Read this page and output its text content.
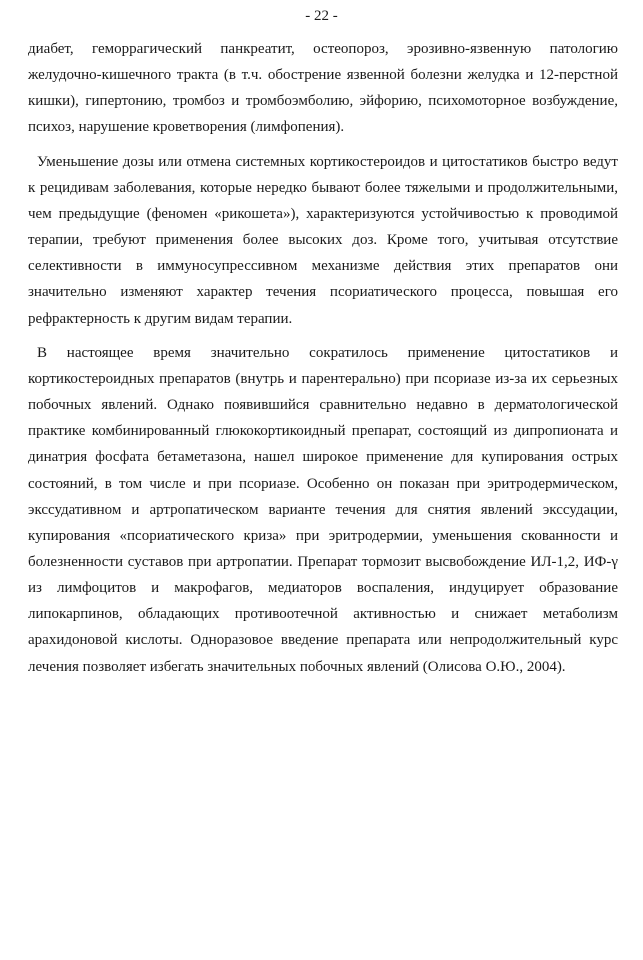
- 22 -

диабет, геморрагический панкреатит, остеопороз, эрозивно-язвенную патологию желудочно-кишечного тракта (в т.ч. обострение язвенной болезни желудка и 12-перстной кишки), гипертонию, тромбоз и тромбоэмболию, эйфорию, психомоторное возбуждение, психоз, нарушение кроветворения (лимфопения).

Уменьшение дозы или отмена системных кортикостероидов и цитостатиков быстро ведут к рецидивам заболевания, которые нередко бывают более тяжелыми и продолжительными, чем предыдущие (феномен «рикошета»), характеризуются устойчивостью к проводимой терапии, требуют применения более высоких доз. Кроме того, учитывая отсутствие селективности в иммуносупрессивном механизме действия этих препаратов они значительно изменяют характер течения псориатического процесса, повышая его рефрактерность к другим видам терапии.

В настоящее время значительно сократилось применение цитостатиков и кортикостероидных препаратов (внутрь и парентерально) при псориазе из-за их серьезных побочных явлений. Однако появившийся сравнительно недавно в дерматологической практике комбинированный глюкокортикоидный препарат, состоящий из дипропионата и динатрия фосфата бетаметазона, нашел широкое применение для купирования острых состояний, в том числе и при псориазе. Особенно он показан при эритродермическом, экссудативном и артропатическом варианте течения для снятия явлений экссудации, купирования «псориатического криза» при эритродермии, уменьшения скованности и болезненности суставов при артропатии. Препарат тормозит высвобождение ИЛ-1,2, ИФ-γ из лимфоцитов и макрофагов, медиаторов воспаления, индуцирует образование липокарпинов, обладающих противоотечной активностью и снижает метаболизм арахидоновой кислоты. Одноразовое введение препарата или непродолжительный курс лечения позволяет избегать значительных побочных явлений (Олисова О.Ю., 2004).
